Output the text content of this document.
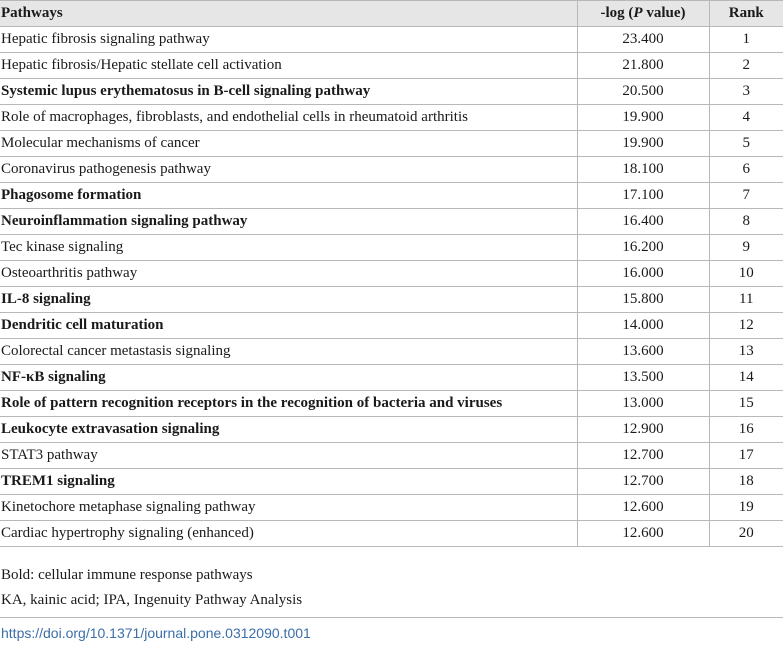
Pathways	-log (P value)	Rank
Hepatic fibrosis signaling pathway	23.400	1
Hepatic fibrosis/Hepatic stellate cell activation	21.800	2
Systemic lupus erythematosus in B-cell signaling pathway	20.500	3
Role of macrophages, fibroblasts, and endothelial cells in rheumatoid arthritis	19.900	4
Molecular mechanisms of cancer	19.900	5
Coronavirus pathogenesis pathway	18.100	6
Phagosome formation	17.100	7
Neuroinflammation signaling pathway	16.400	8
Tec kinase signaling	16.200	9
Osteoarthritis pathway	16.000	10
IL-8 signaling	15.800	11
Dendritic cell maturation	14.000	12
Colorectal cancer metastasis signaling	13.600	13
NF-κB signaling	13.500	14
Role of pattern recognition receptors in the recognition of bacteria and viruses	13.000	15
Leukocyte extravasation signaling	12.900	16
STAT3 pathway	12.700	17
TREM1 signaling	12.700	18
Kinetochore metaphase signaling pathway	12.600	19
Cardiac hypertrophy signaling (enhanced)	12.600	20
Bold: cellular immune response pathways
KA, kainic acid; IPA, Ingenuity Pathway Analysis
https://doi.org/10.1371/journal.pone.0312090.t001
